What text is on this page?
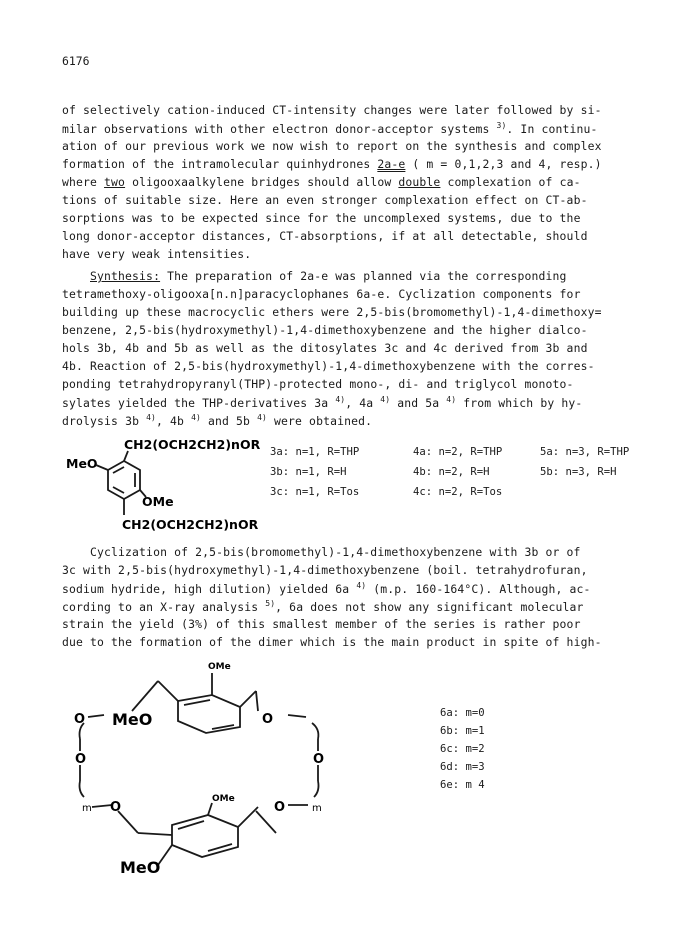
6176
of selectively cation-induced CT-intensity changes were later followed by si-
milar observations with other electron donor-acceptor systems $^{3)}$. In continu-
ation of our previous work we now wish to report on the synthesis and complex
formation of the intramolecular quinhydrones 2a-e ( m = 0,1,2,3 and 4, resp.)
where two oligooxaalkylene bridges should allow double complexation of ca-
tions of suitable size. Here an even stronger complexation effect on CT-ab-
sorptions was to be expected since for the uncomplexed systems, due to the
long donor-acceptor distances, CT-absorptions, if at all detectable, should
have very weak intensities.
Synthesis: The preparation of 2a-e was planned via the corresponding
tetramethoxy-oligooxa[n.n]paracyclophanes 6a-e. Cyclization components for
building up these macrocyclic ethers were 2,5-bis(bromomethyl)-1,4-dimethoxy=
benzene, 2,5-bis(hydroxymethyl)-1,4-dimethoxybenzene and the higher dialco-
hols 3b, 4b and 5b as well as the ditosylates 3c and 4c derived from 3b and
4b. Reaction of 2,5-bis(hydroxymethyl)-1,4-dimethoxybenzene with the corres-
ponding tetrahydropyranyl(THP)-protected mono-, di- and triglycol monoto-
sylates yielded the THP-derivatives 3a $^{4)}$, 4a $^{4)}$ and 5a $^{4)}$ from which by hy-
drolysis 3b $^{4)}$, 4b $^{4)}$ and 5b $^{4)}$ were obtained.
CH2(OCH2CH2)nOR
MeO
OMe
CH2(OCH2CH2)nOR
3a: n=1, R=THP	4a: n=2, R=THP	5a: n=3, R=THP
3b: n=1, R=H	4b: n=2, R=H	5b: n=3, R=H
3c: n=1, R=Tos	4c: n=2, R=Tos
Cyclization of 2,5-bis(bromomethyl)-1,4-dimethoxybenzene with 3b or of
3c with 2,5-bis(hydroxymethyl)-1,4-dimethoxybenzene (boil. tetrahydrofuran,
sodium hydride, high dilution) yielded 6a $^{4)}$ (m.p. 160-164°C). Although, ac-
cording to an X-ray analysis $^{5)}$, 6a does not show any significant molecular
strain the yield (3%) of this smallest member of the series is rather poor
due to the formation of the dimer which is the main product in spite of high-
OMe
O MeO	O
O	O
m	m
O	O
OMe
MeO
6a: m=0
6b: m=1
6c: m=2
6d: m=3
6e: m 4
